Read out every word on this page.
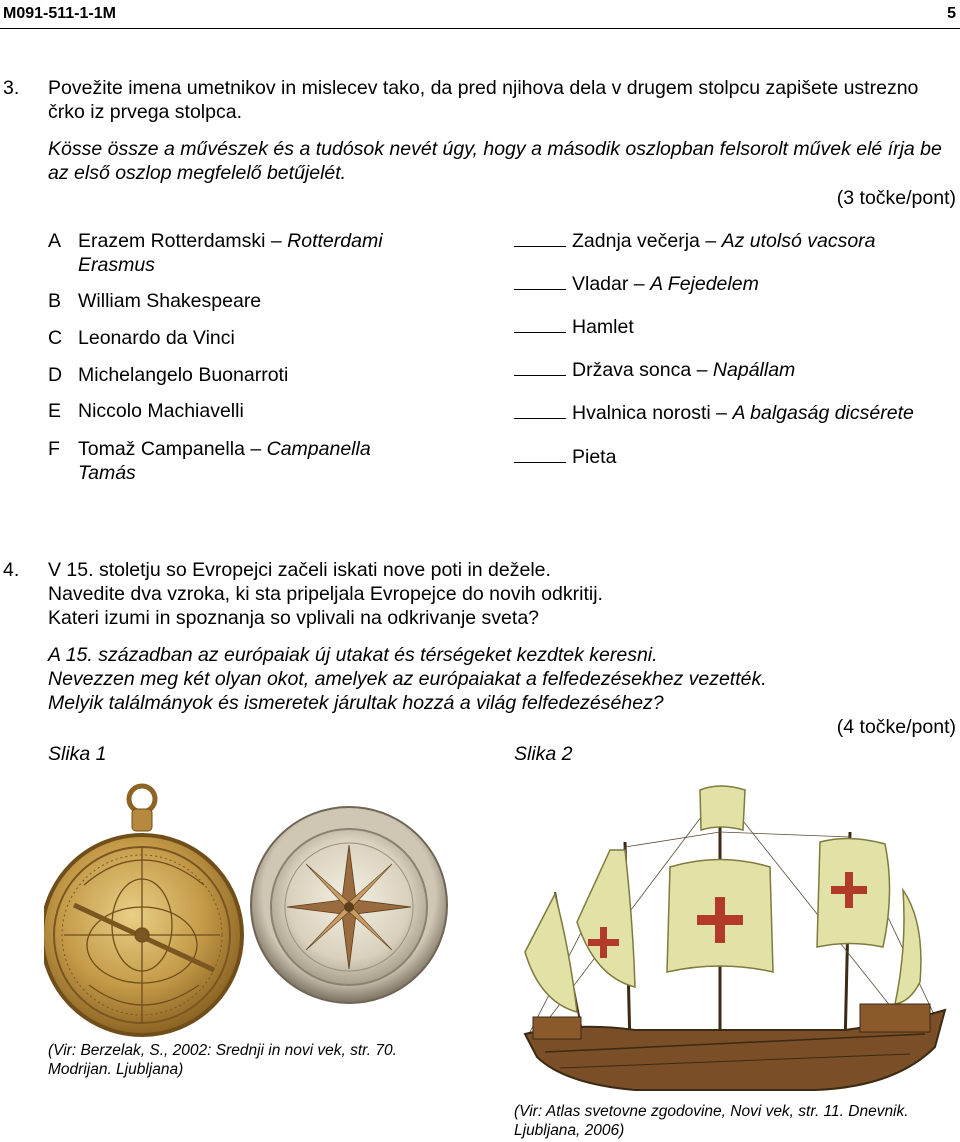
M091-511-1-1M	5
3. Povežite imena umetnikov in mislecev tako, da pred njihova dela v drugem stolpcu zapišete ustrezno črko iz prvega stolpca.
Kösse össze a művészek és a tudósok nevét úgy, hogy a második oszlopban felsorolt művek elé írja be az első oszlop megfelelő betűjelét.
(3 točke/pont)
A Erazem Rotterdamski – Rotterdami Erasmus
B William Shakespeare
C Leonardo da Vinci
D Michelangelo Buonarroti
E Niccolo Machiavelli
F Tomaž Campanella – Campanella Tamás
Zadnja večerja – Az utolsó vacsora
Vladar – A Fejedelem
Hamlet
Država sonca – Napállam
Hvalnica norosti – A balgaság dicsérete
Pieta
4. V 15. stoletju so Evropejci začeli iskati nove poti in dežele.
Navedite dva vzroka, ki sta pripeljala Evropejce do novih odkritij.
Kateri izumi in spoznanja so vplivali na odkrivanje sveta?
A 15. században az európaiak új utakat és térségeket kezdtek keresni.
Nevezzen meg két olyan okot, amelyek az európaiakat a felfedezésekhez vezették.
Melyik találmányok és ismeretek járultak hozzá a világ felfedezéséhez?
(4 točke/pont)
Slika 1	Slika 2
(Vir: Berzelak, S., 2002: Srednji in novi vek, str. 70.
Modrijan. Ljubljana)
(Vir: Atlas svetovne zgodovine, Novi vek, str. 11. Dnevnik.
Ljubljana, 2006)
